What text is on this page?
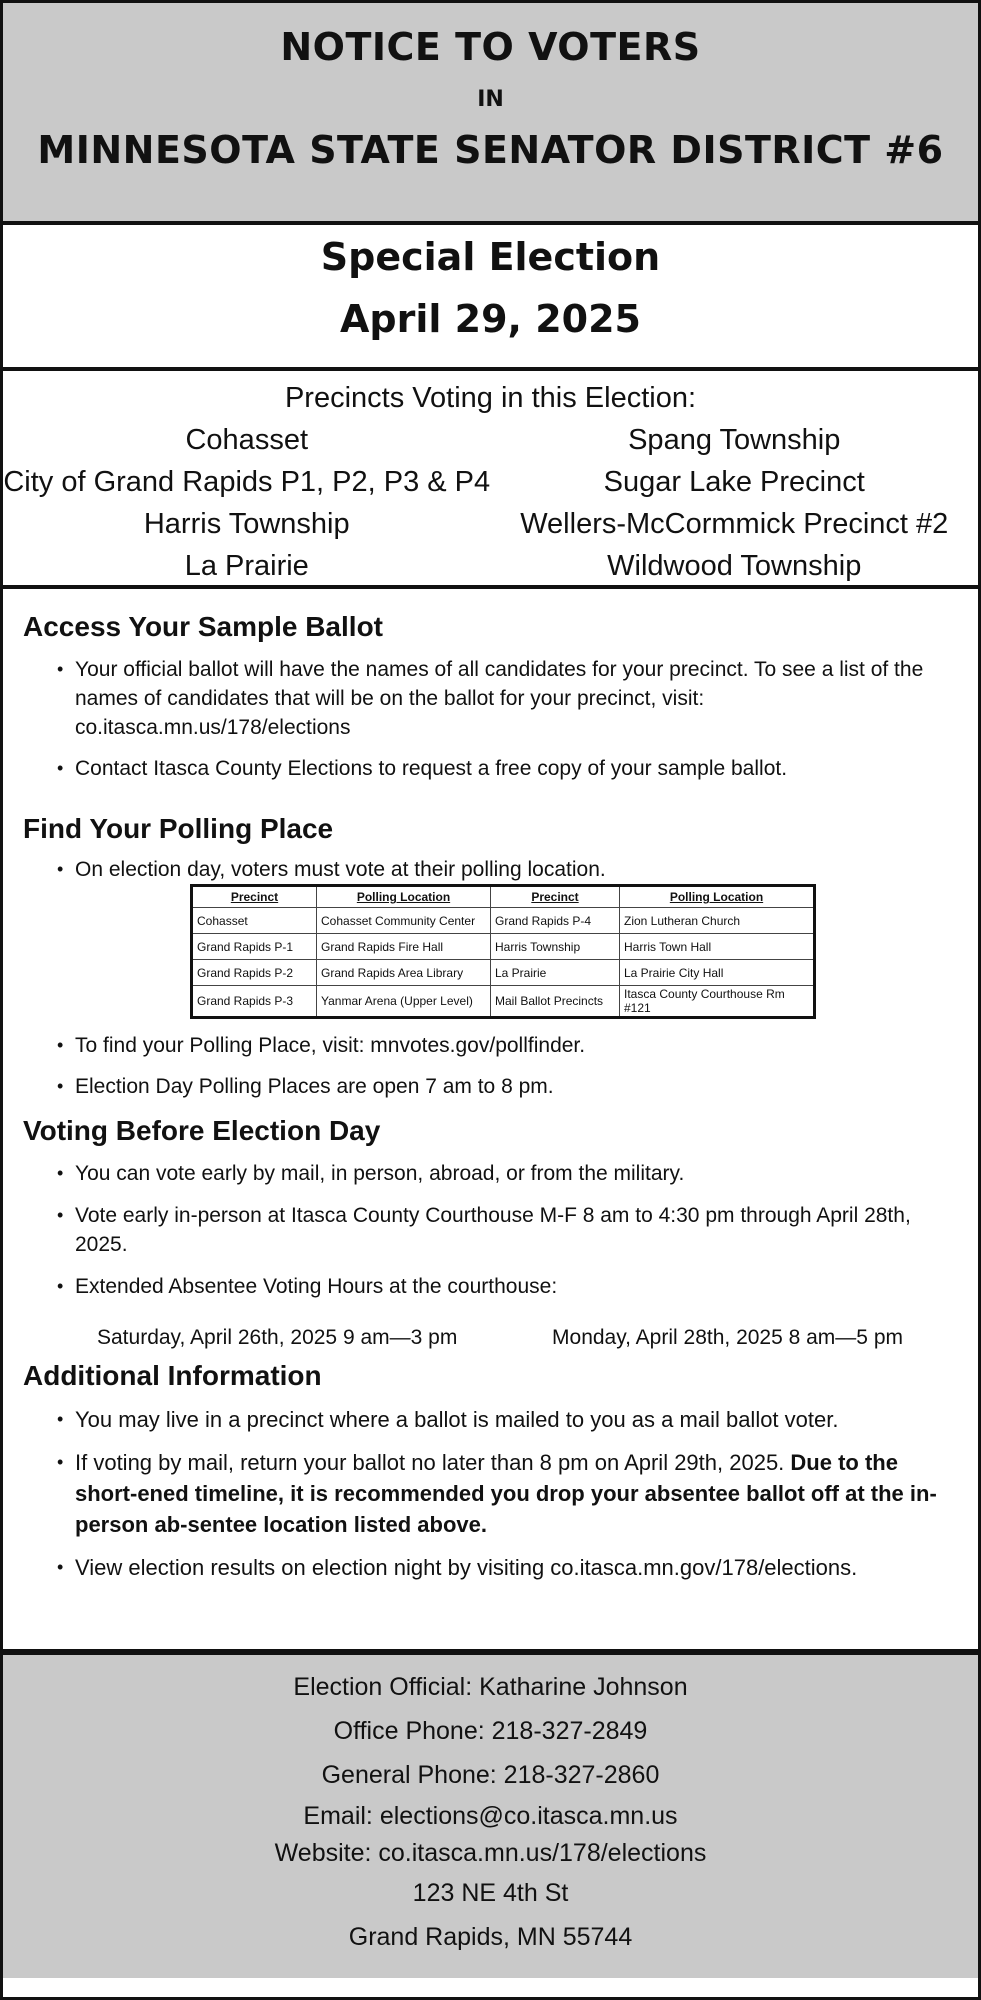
NOTICE TO VOTERS
IN
MINNESOTA STATE SENATOR DISTRICT #6
Special Election
April 29, 2025
Precincts Voting in this Election:
Cohasset	Spang Township
City of Grand Rapids P1, P2, P3 & P4	Sugar Lake Precinct
Harris Township	Wellers-McCormmick Precinct #2
La Prairie	Wildwood Township
Access Your Sample Ballot
• Your official ballot will have the names of all candidates for your precinct. To see a list of the names of candidates that will be on the ballot for your precinct, visit: co.itasca.mn.us/178/elections
• Contact Itasca County Elections to request a free copy of your sample ballot.
Find Your Polling Place
• On election day, voters must vote at their polling location.
Precinct	Polling Location	Precinct	Polling Location
Cohasset	Cohasset Community Center	Grand Rapids P-4	Zion Lutheran Church
Grand Rapids P-1	Grand Rapids Fire Hall	Harris Township	Harris Town Hall
Grand Rapids P-2	Grand Rapids Area Library	La Prairie	La Prairie City Hall
Grand Rapids P-3	Yanmar Arena (Upper Level)	Mail Ballot Precincts	Itasca County Courthouse Rm #121
• To find your Polling Place, visit: mnvotes.gov/pollfinder.
• Election Day Polling Places are open 7 am to 8 pm.
Voting Before Election Day
• You can vote early by mail, in person, abroad, or from the military.
• Vote early in-person at Itasca County Courthouse M-F 8 am to 4:30 pm through April 28th, 2025.
• Extended Absentee Voting Hours at the courthouse:
Saturday, April 26th, 2025 9 am—3 pm	Monday, April 28th, 2025 8 am—5 pm
Additional Information
• You may live in a precinct where a ballot is mailed to you as a mail ballot voter.
• If voting by mail, return your ballot no later than 8 pm on April 29th, 2025. Due to the short-ened timeline, it is recommended you drop your absentee ballot off at the in-person ab-sentee location listed above.
• View election results on election night by visiting co.itasca.mn.gov/178/elections.
Election Official: Katharine Johnson
Office Phone: 218-327-2849
General Phone: 218-327-2860
Email: elections@co.itasca.mn.us
Website: co.itasca.mn.us/178/elections
123 NE 4th St
Grand Rapids, MN 55744
